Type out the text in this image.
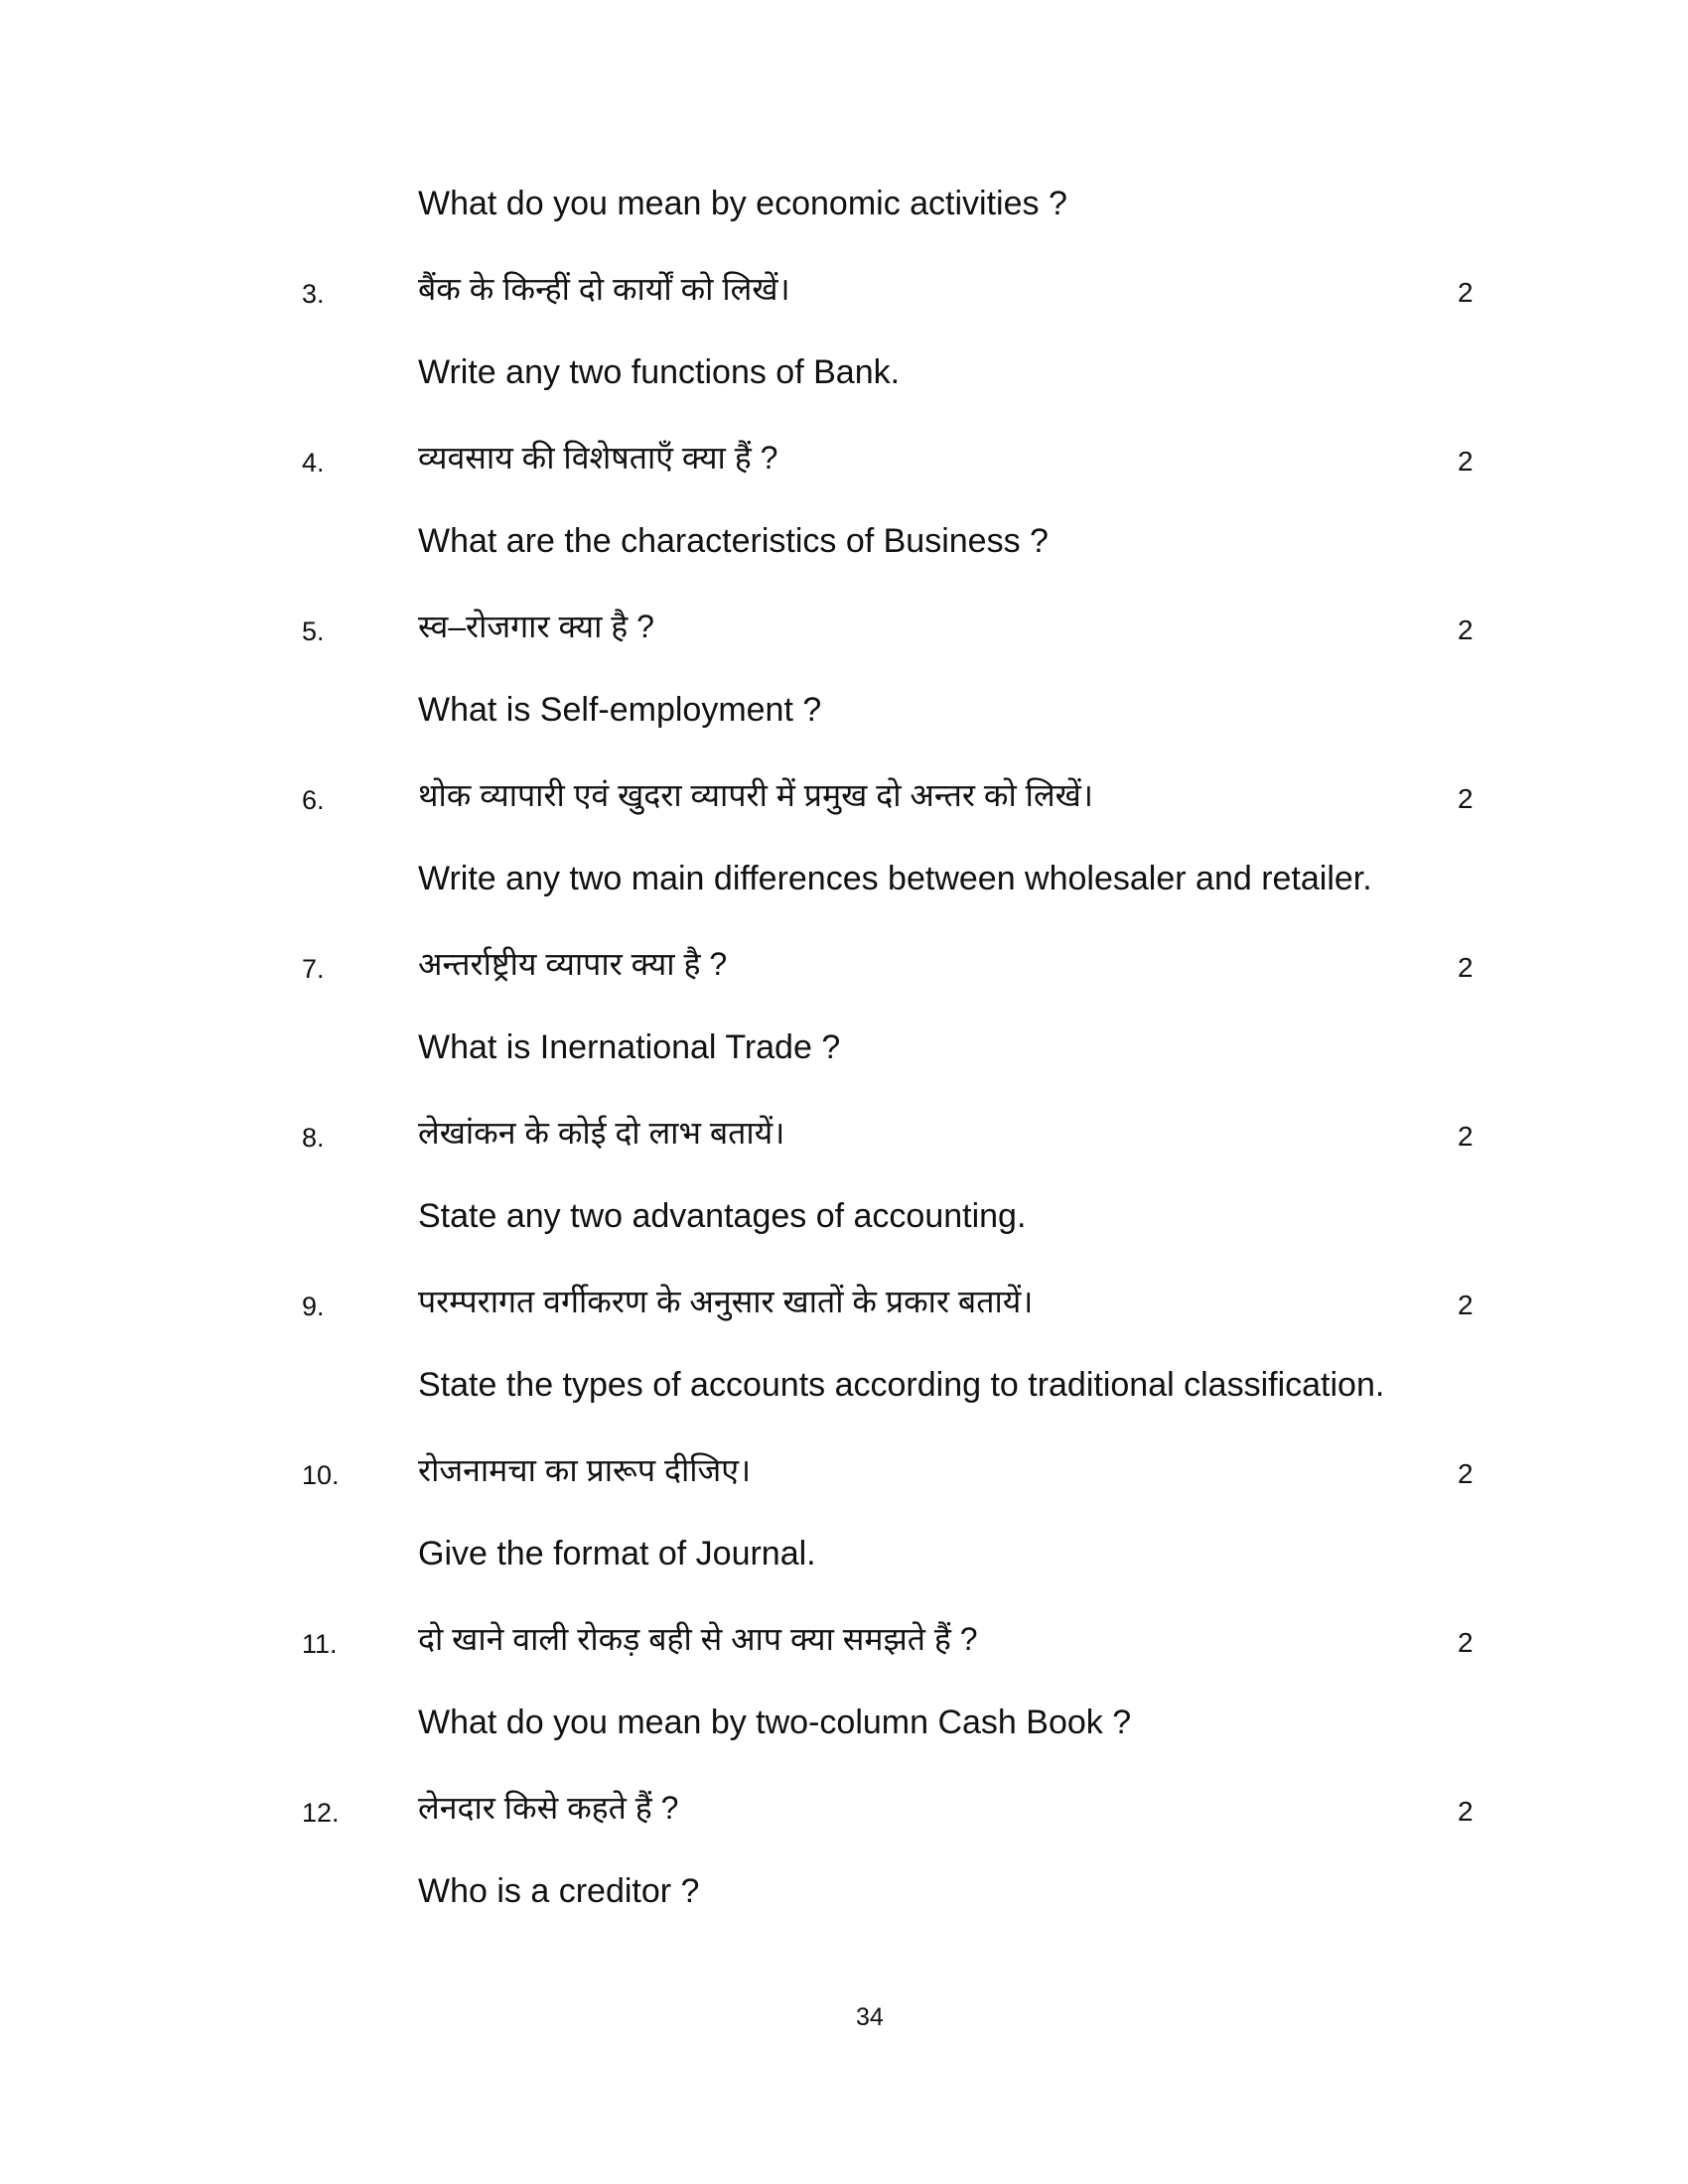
What do you mean by economic activities ?
3.	बैंक के किन्हीं दो कार्यों को लिखें।	2
Write any two functions of Bank.
4.	व्यवसाय की विशेषताएँ क्या हैं ?	2
What are the characteristics of Business ?
5.	स्व–रोजगार क्या है ?	2
What is Self-employment ?
6.	थोक व्यापारी एवं खुदरा व्यापरी में प्रमुख दो अन्तर को लिखें।	2
Write any two main differences between wholesaler and retailer.
7.	अन्तर्राष्ट्रीय व्यापार क्या है ?	2
What is Inernational Trade ?
8.	लेखांकन के कोई दो लाभ बतायें।	2
State any two advantages of accounting.
9.	परम्परागत वर्गीकरण के अनुसार खातों के प्रकार बतायें।	2
State the types of accounts according to traditional classification.
10. रोजनामचा का प्रारूप दीजिए।	2
Give the format of Journal.
11.	दो खाने वाली रोकड़ बही से आप क्या समझते हैं ?	2
What do you mean by two-column Cash Book ?
12. लेनदार किसे कहते हैं ?	2
Who is a creditor ?
34
